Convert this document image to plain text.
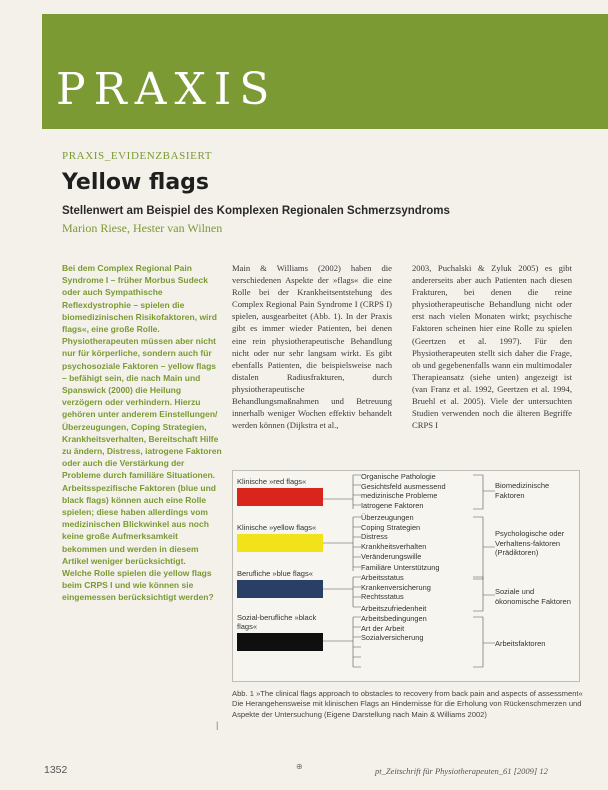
PRAXIS
PRAXIS_EVIDENZBASIERT
Yellow flags
Stellenwert am Beispiel des Komplexen Regionalen Schmerzsyndroms
Marion Riese, Hester van Wilnen

Bei dem Complex Regional Pain Syndrome I – früher Morbus Sudeck oder auch Sympathische Reflexdystrophie – spielen die biomedizinischen Risikofaktoren, wird flags«, eine große Rolle.

Physiotherapeuten müssen aber nicht nur für körperliche, sondern auch für psychosoziale Faktoren – yellow flags – befähigt sein, die nach Main und Spanswick (2000) die Heilung verzögern oder verhindern. Hierzu gehören unter anderem Einstellungen/Überzeugungen, Coping Strategien, Krankheitsverhalten, Bereitschaft Hilfe zu ändern, Distress, iatrogene Faktoren oder auch die Verstärkung der Probleme durch familiäre Situationen.

Arbeitsspezifische Faktoren (blue und black flags) können auch eine Rolle spielen; diese haben allerdings vom medizinischen Blickwinkel aus noch keine große Aufmerksamkeit bekommen und werden in diesem Artikel weniger berücksichtigt.

Welche Rolle spielen die yellow flags beim CRPS I und wie können sie eingemessen berücksichtigt werden?

Main & Williams (2002) haben die verschiedenen Aspekte der »flags« die eine Rolle bei der Krankheitsentstehung des Complex Regional Pain Syndrome I (CRPS I) spielen, ausgearbeitet (Abb. 1). In der Praxis gibt es immer wieder Patienten, bei denen eine rein physiotherapeutische Behandlung nicht oder nur sehr langsam wirkt. Es gibt ebenfalls Patienten, die beispielsweise nach distalen Radiusfrakturen, durch physiotherapeutische Behandlungsmaßnahmen und Betreuung innerhalb weniger Wochen effektiv behandelt werden können (Dijkstra et al.,
2003, Puchalski & Zyluk 2005) es gibt andererseits aber auch Patienten nach diesen Frakturen, bei denen die reine physiotherapeutische Behandlung nicht oder erst nach vielen Monaten wirkt; psychische Faktoren scheinen hier eine Rolle zu spielen (Geertzen et al. 1997). Für den Physiotherapeuten stellt sich daher die Frage, ob und gegebenenfalls wann ein multimodaler Therapieansatz (siehe unten) angezeigt ist (van Franz et al. 1992, Geertzen et al. 1994, Bruehl et al. 2005). Viele der untersuchten Studien verwenden noch die älteren Begriffe CRPS I
Klinische »red flags«
Klinische »yellow flags«
Berufliche »blue flags«
Sozial-berufliche »black flags«
Organische Pathologie
Gesichtsfeld ausmessend
medizinische Probleme
Iatrogene Faktoren
Überzeugungen
Coping Strategien
Distress
Krankheitsverhalten
Veränderungswille
Familiäre Unterstützung
Arbeitsstatus
Krankenversicherung
Rechtsstatus
Arbeitszufriedenheit
Arbeitsbedingungen
Art der Arbeit
Sozialversicherung
Biomedizinische Faktoren
Psychologische oder Verhaltens-faktoren (Prädiktoren)
Soziale und ökonomische Faktoren
Arbeitsfaktoren
Abb. 1 »The clinical flags approach to obstacles to recovery from back pain and aspects of assessment« Die Herangehensweise mit klinischen Flags an Hindernisse für die Erholung von Rückenschmerzen und Aspekte der Untersuchung (Eigene Darstellung nach Main & Williams 2002)
|
1352	⊕	pt_Zeitschrift für Physiotherapeuten_61 [2009] 12
